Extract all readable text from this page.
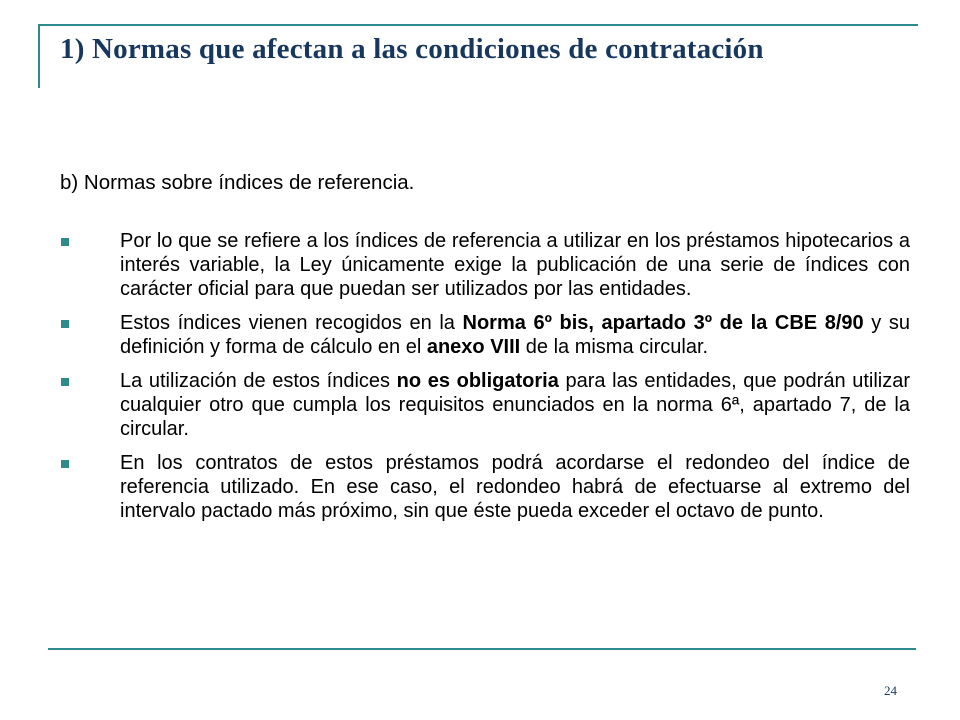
1) Normas que afectan a las condiciones de contratación

b) Normas sobre índices de referencia.

Por lo que se refiere a los índices de referencia a utilizar en los préstamos hipotecarios a interés variable, la Ley únicamente exige la publicación de una serie de índices con carácter oficial para que puedan ser utilizados por las entidades.
Estos índices vienen recogidos en la Norma 6º bis, apartado 3º de la CBE 8/90 y su definición y forma de cálculo en el anexo VIII de la misma circular.
La utilización de estos índices no es obligatoria para las entidades, que podrán utilizar cualquier otro que cumpla los requisitos enunciados en la norma 6ª, apartado 7, de la circular.
En los contratos de estos préstamos podrá acordarse el redondeo del índice de referencia utilizado. En ese caso, el redondeo habrá de efectuarse al extremo del intervalo pactado más próximo, sin que éste pueda exceder el octavo de punto.

24
